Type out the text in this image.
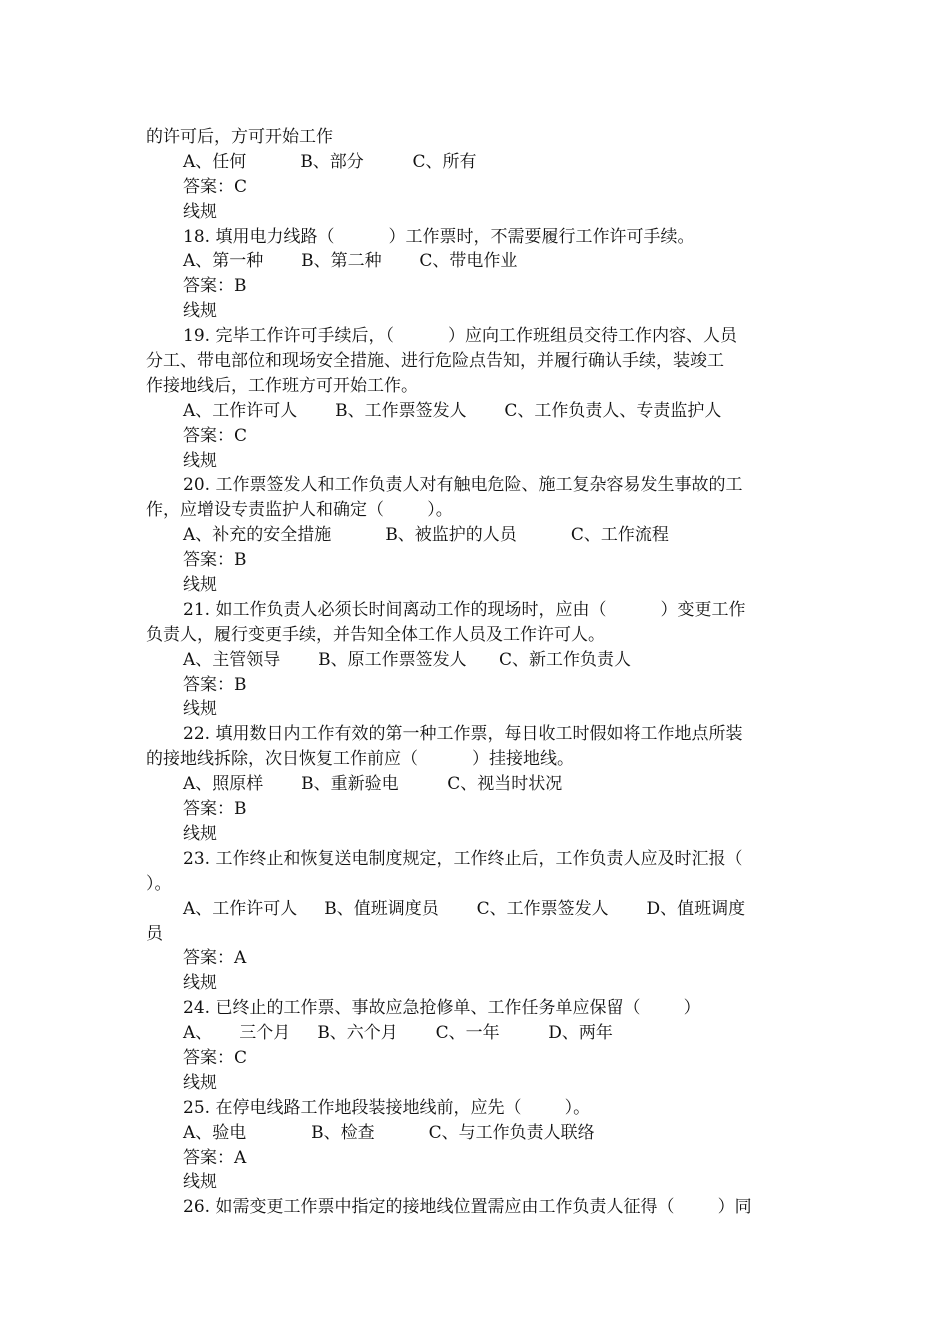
的许可后，方可开始工作
A、任何          B、部分         C、所有
答案：C
线规
18. 填用电力线路（          ）工作票时，不需要履行工作许可手续。
A、第一种       B、第二种       C、带电作业
答案：B
线规
19. 完毕工作许可手续后，（          ）应向工作班组员交待工作内容、人员
分工、带电部位和现场安全措施、进行危险点告知，并履行确认手续，装竣工
作接地线后，工作班方可开始工作。
A、工作许可人       B、工作票签发人       C、工作负责人、专责监护人
答案：C
线规
20. 工作票签发人和工作负责人对有触电危险、施工复杂容易发生事故的工
作，应增设专责监护人和确定（        ）。
A、补充的安全措施          B、被监护的人员          C、工作流程
答案：B
线规
21. 如工作负责人必须长时间离动工作的现场时，应由（          ）变更工作
负责人，履行变更手续，并告知全体工作人员及工作许可人。
A、主管领导       B、原工作票签发人      C、新工作负责人
答案：B
线规
22. 填用数日内工作有效的第一种工作票，每日收工时假如将工作地点所装
的接地线拆除，次日恢复工作前应（          ）挂接地线。
A、照原样       B、重新验电         C、视当时状况
答案：B
线规
23. 工作终止和恢复送电制度规定，工作终止后，工作负责人应及时汇报（
）。
A、工作许可人     B、值班调度员       C、工作票签发人       D、值班调度
员
答案：A
线规
24. 已终止的工作票、事故应急抢修单、工作任务单应保留（        ）
A、     三个月     B、六个月       C、一年         D、两年
答案：C
线规
25. 在停电线路工作地段装接地线前，应先（        ）。
A、验电            B、检查          C、与工作负责人联络
答案：A
线规
26. 如需变更工作票中指定的接地线位置需应由工作负责人征得（        ）同
